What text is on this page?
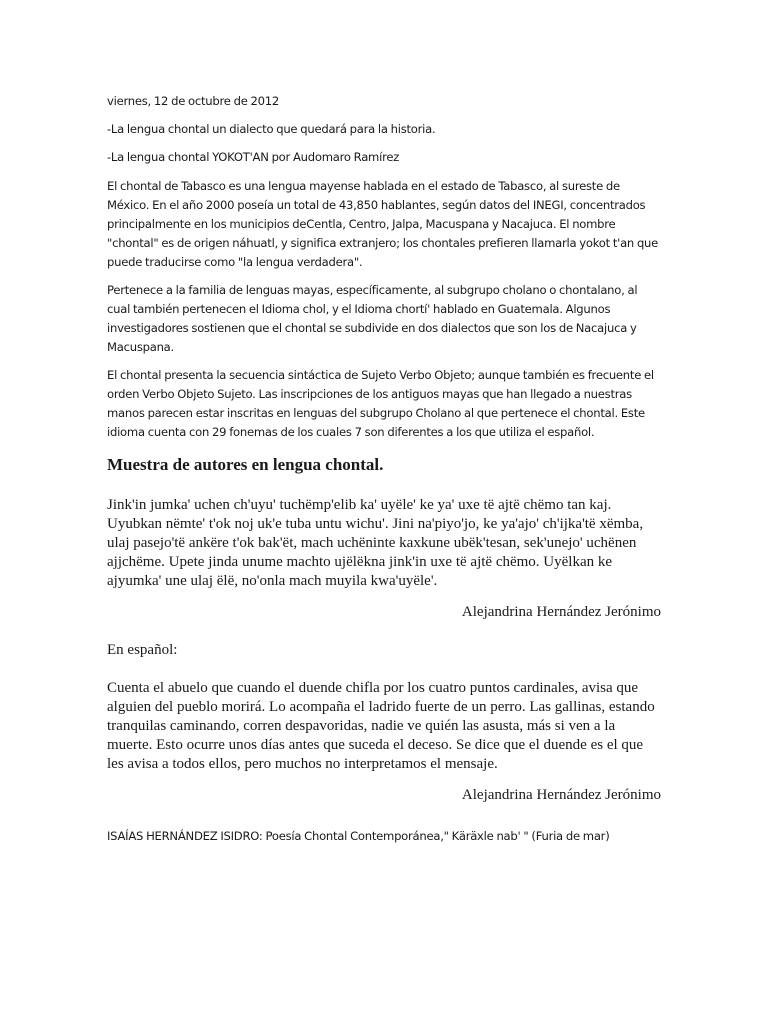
viernes, 12 de octubre de 2012

-La lengua chontal un dialecto que quedará para la historia.

-La lengua chontal YOKOT'AN por Audomaro Ramírez

El chontal de Tabasco es una lengua mayense hablada en el estado de Tabasco, al sureste de México. En el año 2000 poseía un total de 43,850 hablantes, según datos del INEGI, concentrados principalmente en los municipios deCentla, Centro, Jalpa, Macuspana y Nacajuca. El nombre "chontal" es de origen náhuatl, y significa extranjero; los chontales prefieren llamarla yokot t'an que puede traducirse como "la lengua verdadera".

Pertenece a la familia de lenguas mayas, específicamente, al subgrupo cholano o chontalano, al cual también pertenecen el Idioma chol, y el Idioma chortí' hablado en Guatemala. Algunos investigadores sostienen que el chontal se subdivide en dos dialectos que son los de Nacajuca y Macuspana.

El chontal presenta la secuencia sintáctica de Sujeto Verbo Objeto; aunque también es frecuente el orden Verbo Objeto Sujeto. Las inscripciones de los antiguos mayas que han llegado a nuestras manos parecen estar inscritas en lenguas del subgrupo Cholano al que pertenece el chontal. Este idioma cuenta con 29 fonemas de los cuales 7 son diferentes a los que utiliza el español.

Muestra de autores en lengua chontal.

Jink'in jumka' uchen ch'uyu' tuchëmp'elib ka' uyële' ke ya' uxe të ajtë chëmo tan kaj. Uyubkan nëmte' t'ok noj uk'e tuba untu wichu'. Jini na'piyo'jo, ke ya'ajo' ch'ijka'të xëmba, ulaj pasejo'të ankëre t'ok bak'ët, mach uchëninte kaxkune ubëk'tesan, sek'unejo' uchënen ajjchëme. Upete jinda unume machto ujëlëkna jink'in uxe të ajtë chëmo. Uyëlkan ke ajyumka' une ulaj ëlë, no'onla mach muyila kwa'uyële'.

Alejandrina Hernández Jerónimo

En español:

Cuenta el abuelo que cuando el duende chifla por los cuatro puntos cardinales, avisa que alguien del pueblo morirá. Lo acompaña el ladrido fuerte de un perro. Las gallinas, estando tranquilas caminando, corren despavoridas, nadie ve quién las asusta, más si ven a la muerte. Esto ocurre unos días antes que suceda el deceso. Se dice que el duende es el que les avisa a todos ellos, pero muchos no interpretamos el mensaje.

Alejandrina Hernández Jerónimo

ISAÍAS HERNÁNDEZ ISIDRO: Poesía Chontal Contemporánea," Käräxle nab' " (Furia de mar)
